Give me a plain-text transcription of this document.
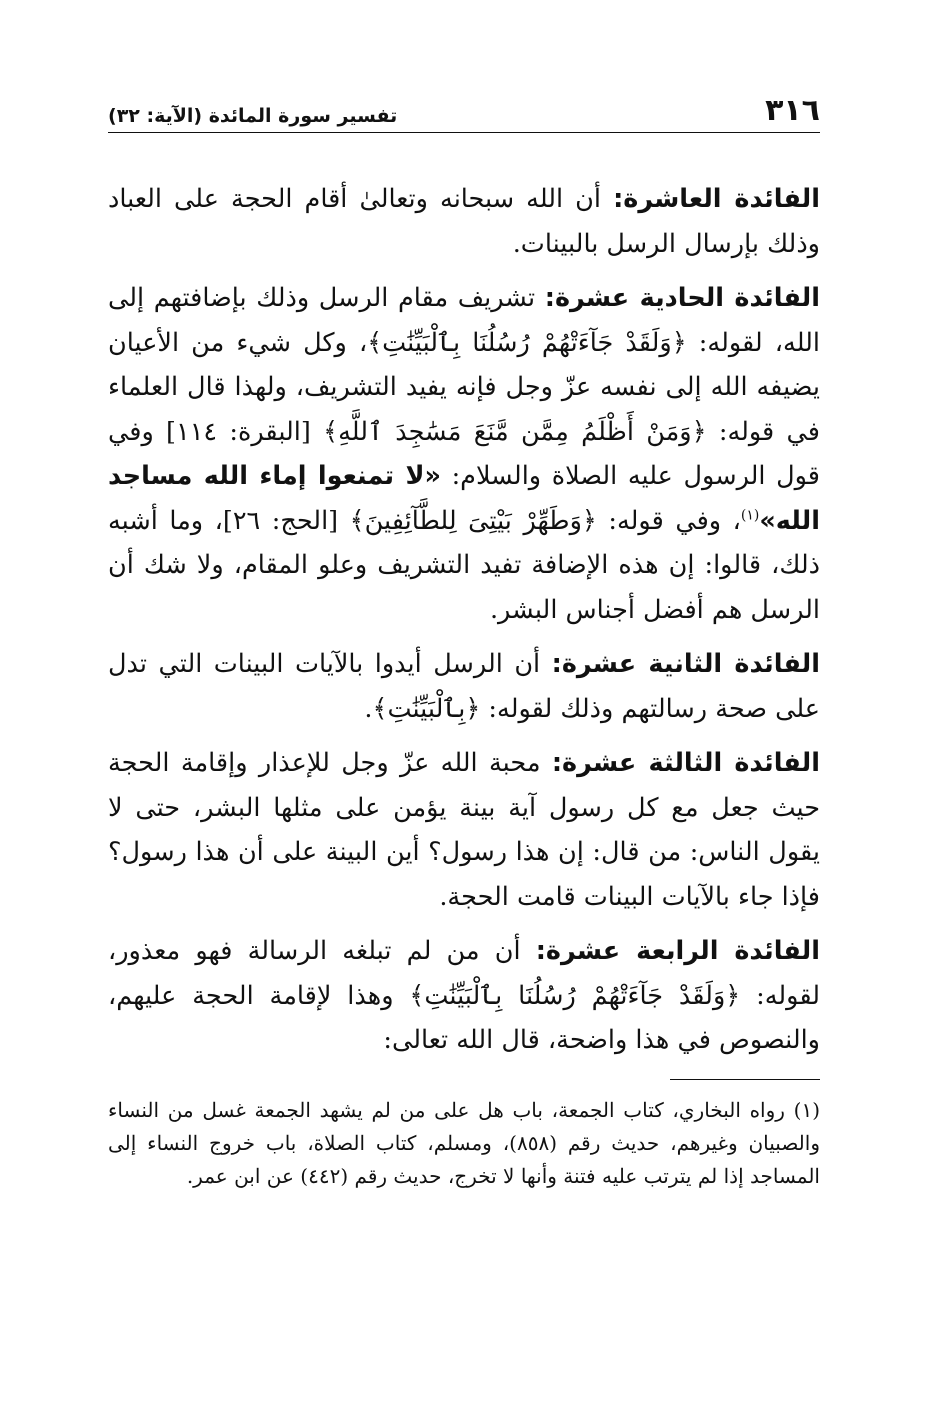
٣١٦
تفسير سورة المائدة (الآية: ٣٢)

الفائدة العاشرة: أن الله سبحانه وتعالىٰ أقام الحجة على العباد وذلك بإرسال الرسل بالبينات.

الفائدة الحادية عشرة: تشريف مقام الرسل وذلك بإضافتهم إلى الله، لقوله: ﴿وَلَقَدْ جَآءَتْهُمْ رُسُلُنَا بِٱلْبَيِّنَٰتِ﴾، وكل شيء من الأعيان يضيفه الله إلى نفسه عزّ وجل فإنه يفيد التشريف، ولهذا قال العلماء في قوله: ﴿وَمَنْ أَظْلَمُ مِمَّن مَّنَعَ مَسَٰجِدَ ٱللَّهِ﴾ [البقرة: ١١٤] وفي قول الرسول عليه الصلاة والسلام: «لا تمنعوا إماء الله مساجد الله»$^{(١)}$، وفي قوله: ﴿وَطَهِّرْ بَيْتِىَ لِلطَّآئِفِينَ﴾ [الحج: ٢٦]، وما أشبه ذلك، قالوا: إن هذه الإضافة تفيد التشريف وعلو المقام، ولا شك أن الرسل هم أفضل أجناس البشر.

الفائدة الثانية عشرة: أن الرسل أيدوا بالآيات البينات التي تدل على صحة رسالتهم وذلك لقوله: ﴿بِٱلْبَيِّنَٰتِ﴾.

الفائدة الثالثة عشرة: محبة الله عزّ وجل للإعذار وإقامة الحجة حيث جعل مع كل رسول آية بينة يؤمن على مثلها البشر، حتى لا يقول الناس: من قال: إن هذا رسول؟ أين البينة على أن هذا رسول؟ فإذا جاء بالآيات البينات قامت الحجة.

الفائدة الرابعة عشرة: أن من لم تبلغه الرسالة فهو معذور، لقوله: ﴿وَلَقَدْ جَآءَتْهُمْ رُسُلُنَا بِٱلْبَيِّنَٰتِ﴾ وهذا لإقامة الحجة عليهم، والنصوص في هذا واضحة، قال الله تعالى:

(١) رواه البخاري، كتاب الجمعة، باب هل على من لم يشهد الجمعة غسل من النساء والصبيان وغيرهم، حديث رقم (٨٥٨)، ومسلم، كتاب الصلاة، باب خروج النساء إلى المساجد إذا لم يترتب عليه فتنة وأنها لا تخرج، حديث رقم (٤٤٢) عن ابن عمر.
